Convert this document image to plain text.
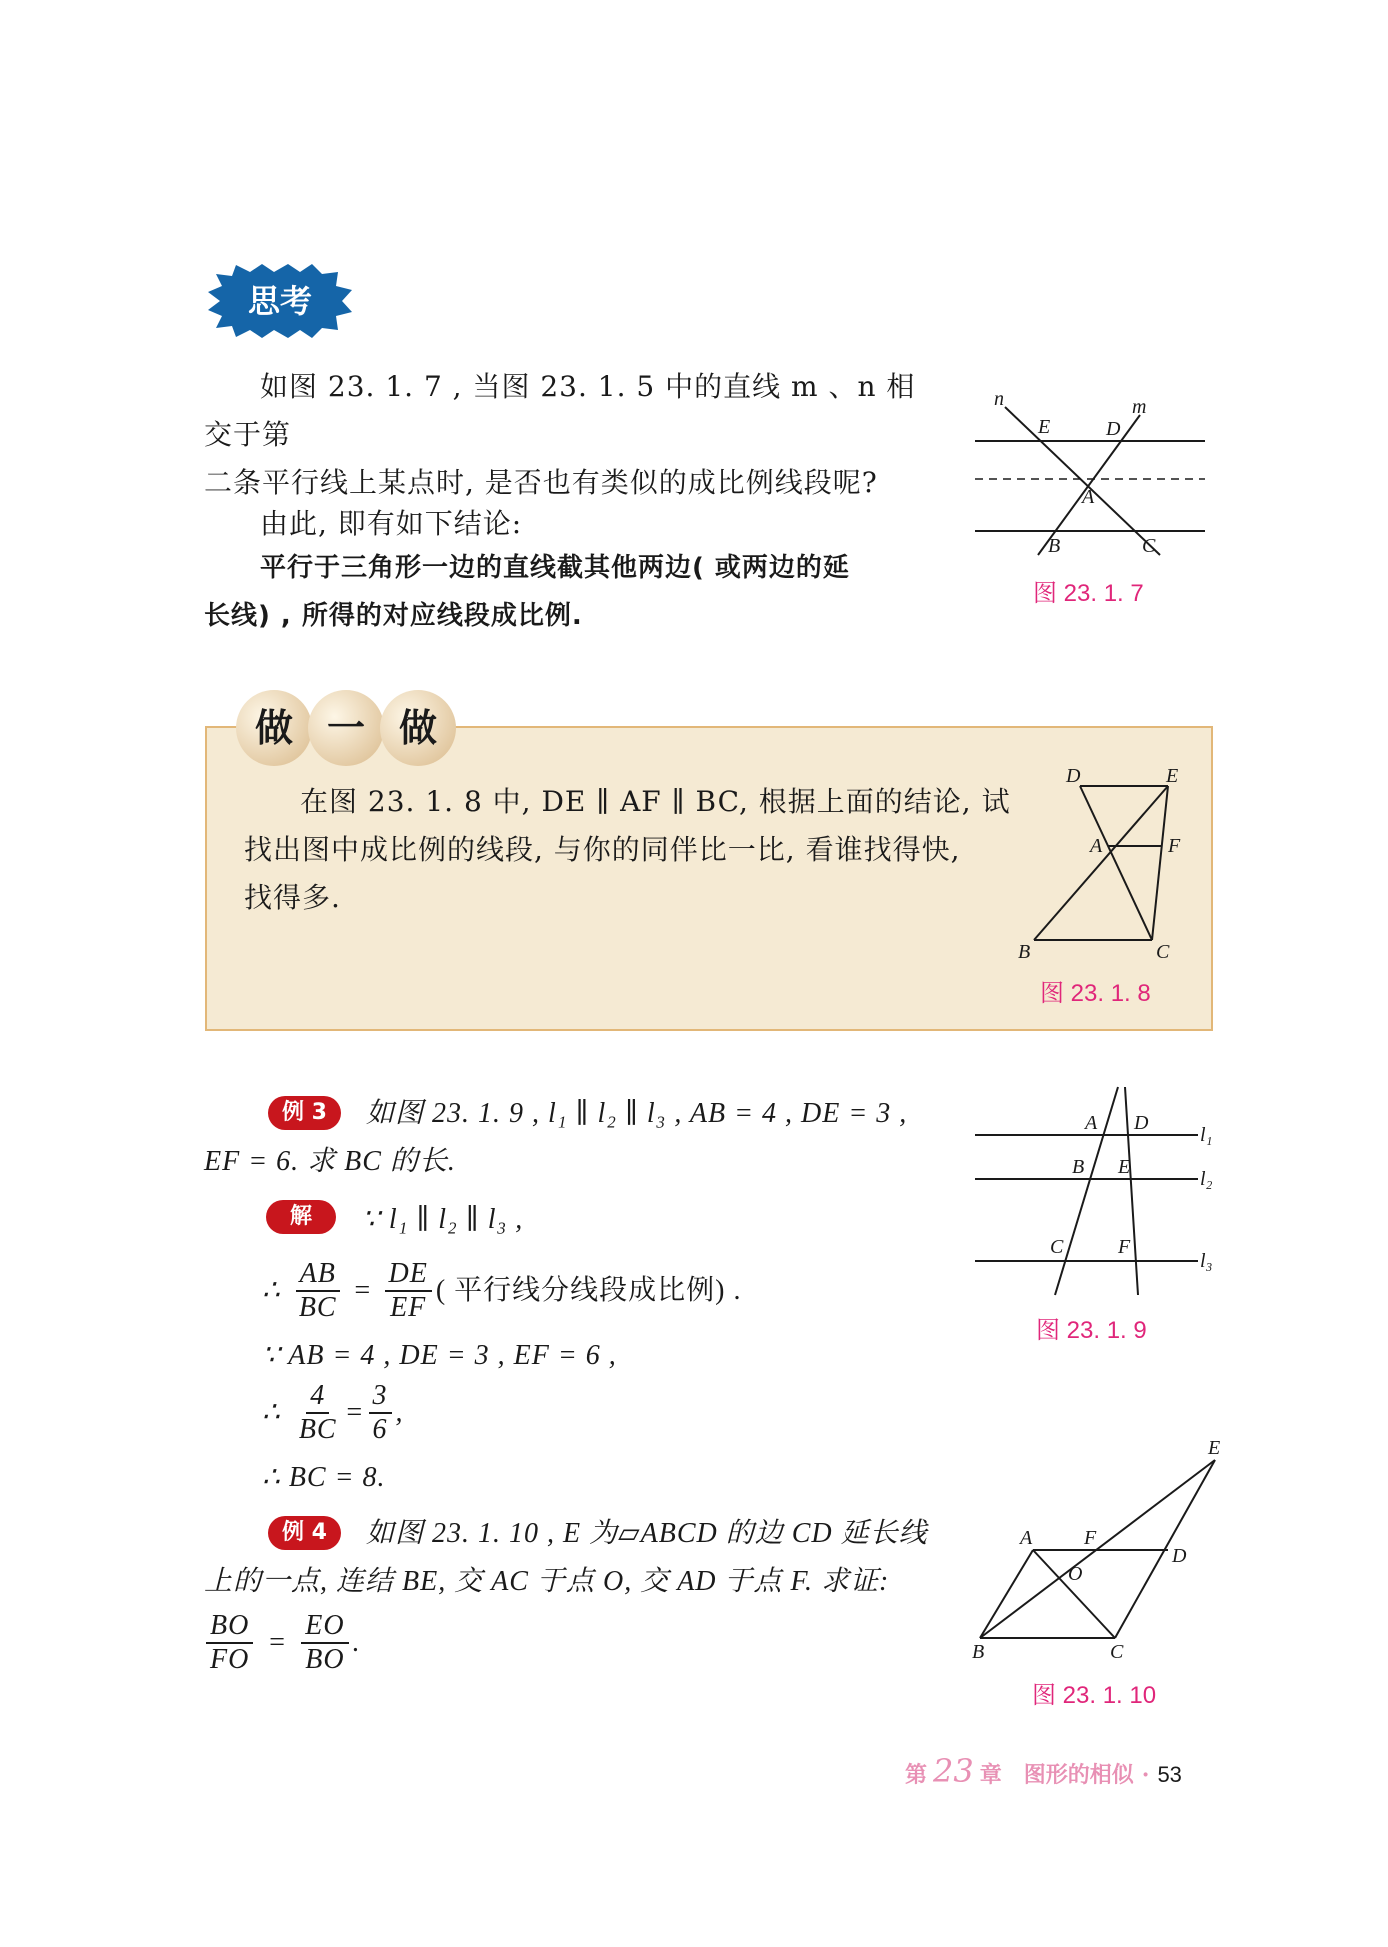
思考
如图 23. 1. 7 , 当图 23. 1. 5 中的直线 m 、n 相交于第
二条平行线上某点时, 是否也有类似的成比例线段呢?
由此, 即有如下结论:
平行于三角形一边的直线截其他两边( 或两边的延
长线) , 所得的对应线段成比例.
n	m
E	D
A
B	C
图 23. 1. 7
做 一 做
在图 23. 1. 8 中, DE ∥ AF ∥ BC, 根据上面的结论, 试
找出图中成比例的线段, 与你的同伴比一比, 看谁找得快,
找得多.
D	E
A	F
B	C
图 23. 1. 8
例 3	如图 23. 1. 9 , l₁ ∥ l₂ ∥ l₃ , AB = 4 , DE = 3 ,
EF = 6. 求 BC 的长.
解	∵ l₁ ∥ l₂ ∥ l₃ ,
∴ $\frac{AB}{BC} = \frac{DE}{EF}$ ( 平行线分线段成比例) .
∵ AB = 4 , DE = 3 , EF = 6 ,
∴ $\frac{4}{BC} = \frac{3}{6}$ ,
∴ BC = 8.
A D
B E
C	F
l₁
l₂
l₃
图 23. 1. 9
例 4	如图 23. 1. 10 , E 为▱ABCD 的边 CD 延长线
上的一点, 连结 BE, 交 AC 于点 O, 交 AD 于点 F. 求证:
$\frac{BO}{FO} = \frac{EO}{BO}$ .
E
A	F
D
O
B	C
图 23. 1. 10
第 23 章 图形的相似 · 53
